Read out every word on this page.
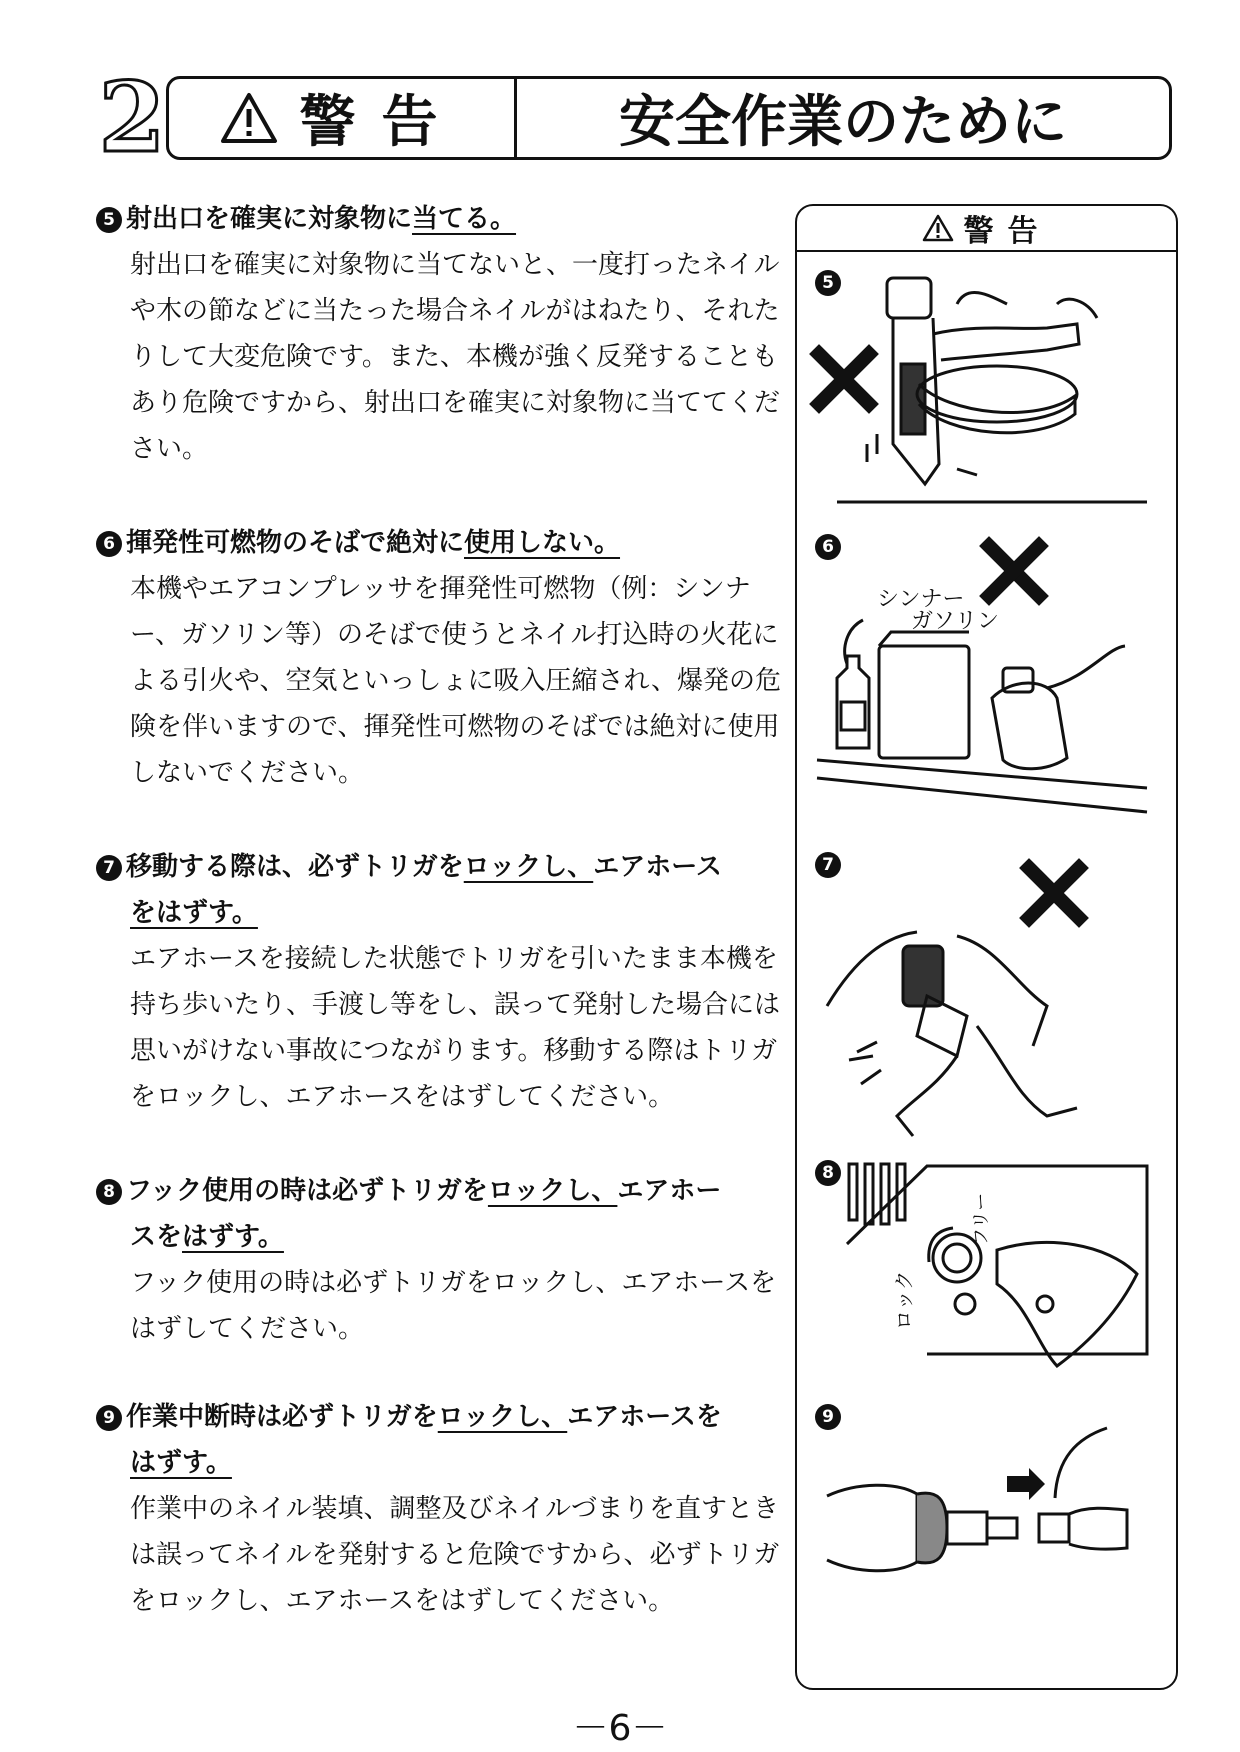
2 警告	安全作業のために
5 射出口を確実に対象物に当てる。

射出口を確実に対象物に当てないと、一度打ったネイルや木の節などに当たった場合ネイルがはねたり、それたりして大変危険です。また、本機が強く反発することもあり危険ですから、射出口を確実に対象物に当ててください。

6 揮発性可燃物のそばで絶対に使用しない。

本機やエアコンプレッサを揮発性可燃物（例：シンナー、ガソリン等）のそばで使うとネイル打込時の火花による引火や、空気といっしょに吸入圧縮され、爆発の危険を伴いますので、揮発性可燃物のそばでは絶対に使用しないでください。

7 移動する際は、必ずトリガをロックし、エアホース
をはずす。

エアホースを接続した状態でトリガを引いたまま本機を持ち歩いたり、手渡し等をし、誤って発射した場合には思いがけない事故につながります。移動する際はトリガをロックし、エアホースをはずしてください。

8 フック使用の時は必ずトリガをロックし、エアホー
スをはずす。

フック使用の時は必ずトリガをロックし、エアホースをはずしてください。

9 作業中断時は必ずトリガをロックし、エアホースを
はずす。

作業中のネイル装填、調整及びネイルづまりを直すときは誤ってネイルを発射すると危険ですから、必ずトリガをロックし、エアホースをはずしてください。

警告
5
シンナー
ガソリン
6
7
ロック
フリー
8
9
－6－
